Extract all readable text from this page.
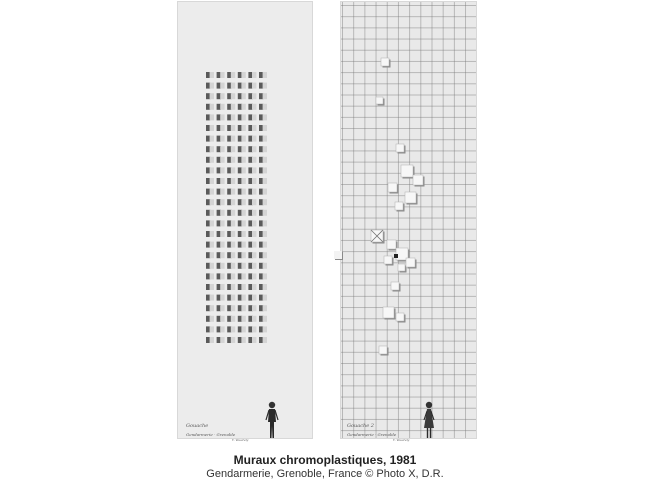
Gouache
Gendarmerie · Grenoble
Y. Vasarely
Gouache 2
Gendarmerie · Grenoble
Y. Vasarely
Muraux chromoplastiques, 1981
Gendarmerie, Grenoble, France © Photo X, D.R.
